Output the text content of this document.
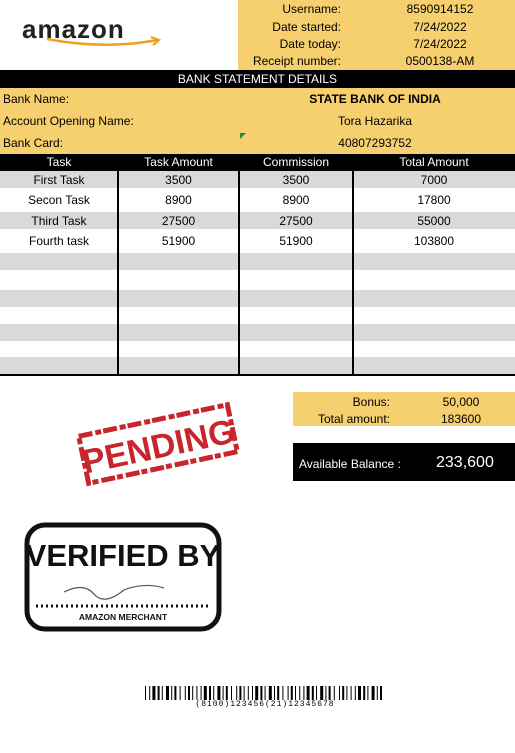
amazon
Username:	8590914152
Date started:	7/24/2022
Date today:	7/24/2022
Receipt number:	0500138-AM
BANK STATEMENT DETAILS
Bank Name:	STATE BANK OF INDIA
Account Opening Name:	Tora Hazarika
Bank Card:	40807293752
Task	Task Amount	Commission	Total Amount
First Task	3500	3500	7000
Secon Task	8900	8900	17800
Third Task	27500	27500	55000
Fourth task	51900	51900	103800
Bonus:	50,000
Total amount:	183600
Available Balance : 233,600
PENDING
VERIFIED BY
AMAZON MERCHANT
(8100)123456(21)12345678
